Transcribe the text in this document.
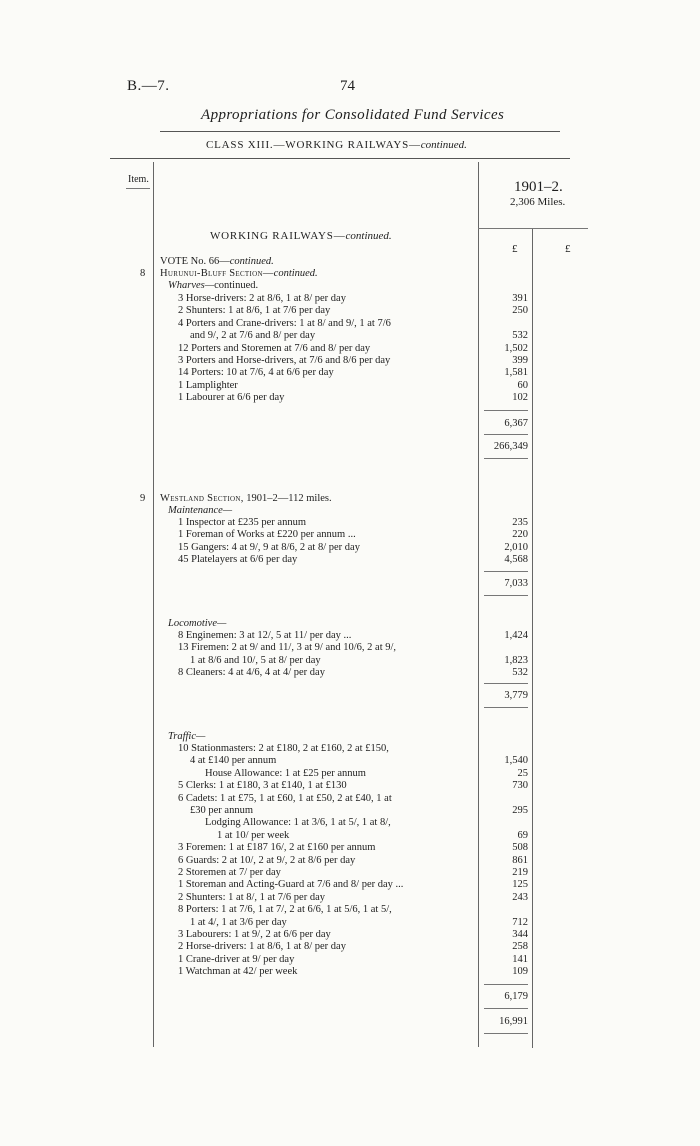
B.—7.	74
Appropriations for Consolidated Fund Services
CLASS XIII.—WORKING RAILWAYS—continued.
Item.	1901–2.
2,306 Miles.
WORKING RAILWAYS—continued.
£	£
VOTE No. 66—continued.
8 Hurunui-Bluff Section—continued.
Wharves—continued.
3 Horse-drivers: 2 at 8/6, 1 at 8/ per day	391
2 Shunters: 1 at 8/6, 1 at 7/6 per day	250
4 Porters and Crane-drivers: 1 at 8/ and 9/, 1 at 7/6
and 9/, 2 at 7/6 and 8/ per day	532
12 Porters and Storemen at 7/6 and 8/ per day	1,502
3 Porters and Horse-drivers, at 7/6 and 8/6 per day	399
14 Porters: 10 at 7/6, 4 at 6/6 per day	1,581
1 Lamplighter	60
1 Labourer at 6/6 per day	102
6,367
266,349
9 Westland Section, 1901–2—112 miles.
Maintenance—
1 Inspector at £235 per annum	235
1 Foreman of Works at £220 per annum ...	220
15 Gangers: 4 at 9/, 9 at 8/6, 2 at 8/ per day	2,010
45 Platelayers at 6/6 per day	4,568
7,033
Locomotive—
8 Enginemen: 3 at 12/, 5 at 11/ per day ...	1,424
13 Firemen: 2 at 9/ and 11/, 3 at 9/ and 10/6, 2 at 9/,
1 at 8/6 and 10/, 5 at 8/ per day	1,823
8 Cleaners: 4 at 4/6, 4 at 4/ per day	532
3,779
Traffic—
10 Stationmasters: 2 at £180, 2 at £160, 2 at £150,
4 at £140 per annum	1,540
House Allowance: 1 at £25 per annum	25
5 Clerks: 1 at £180, 3 at £140, 1 at £130	730
6 Cadets: 1 at £75, 1 at £60, 1 at £50, 2 at £40, 1 at
£30 per annum	295
Lodging Allowance: 1 at 3/6, 1 at 5/, 1 at 8/,
1 at 10/ per week	69
3 Foremen: 1 at £187 16/, 2 at £160 per annum	508
6 Guards: 2 at 10/, 2 at 9/, 2 at 8/6 per day	861
2 Storemen at 7/ per day	219
1 Storeman and Acting-Guard at 7/6 and 8/ per day ...	125
2 Shunters: 1 at 8/, 1 at 7/6 per day	243
8 Porters: 1 at 7/6, 1 at 7/, 2 at 6/6, 1 at 5/6, 1 at 5/,
1 at 4/, 1 at 3/6 per day	712
3 Labourers: 1 at 9/, 2 at 6/6 per day	344
2 Horse-drivers: 1 at 8/6, 1 at 8/ per day	258
1 Crane-driver at 9/ per day	141
1 Watchman at 42/ per week	109
6,179
16,991
